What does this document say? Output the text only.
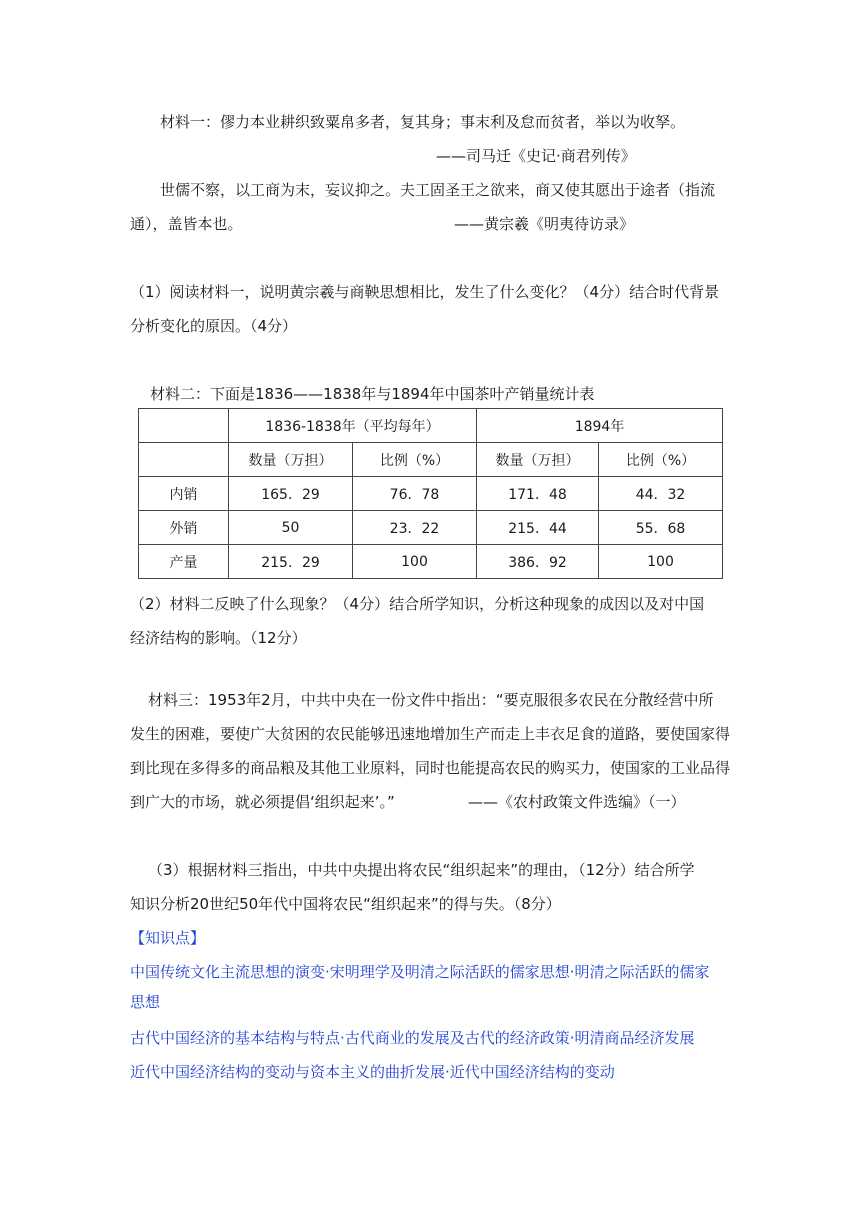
材料一：僇力本业耕织致粟帛多者，复其身；事末利及怠而贫者，举以为收孥。
——司马迁《史记·商君列传》
世儒不察，以工商为末，妄议抑之。夫工固圣王之欲来，商又使其愿出于途者（指流
通），盖皆本也。	——黄宗羲《明夷待访录》
（1）阅读材料一，说明黄宗羲与商鞅思想相比，发生了什么变化？（4分）结合时代背景
分析变化的原因。（4分）
材料二：下面是1836——1838年与1894年中国茶叶产销量统计表
	1836-1838年（平均每年）		1894年	
	数量（万担）	比例（%）	数量（万担）	比例（%）
内销	165．29	76．78	171．48	44．32
外销	50	23．22	215．44	55．68
产量	215．29	100	386．92	100
（2）材料二反映了什么现象？（4分）结合所学知识，分析这种现象的成因以及对中国
经济结构的影响。（12分）
材料三：1953年2月，中共中央在一份文件中指出：“要克服很多农民在分散经营中所
发生的困难，要使广大贫困的农民能够迅速地增加生产而走上丰衣足食的道路，要使国家得
到比现在多得多的商品粮及其他工业原料，同时也能提高农民的购买力，使国家的工业品得
到广大的市场，就必须提倡‘组织起来’。”	——《农村政策文件选编》（一）
（3）根据材料三指出，中共中央提出将农民“组织起来”的理由，（12分）结合所学
知识分析20世纪50年代中国将农民“组织起来”的得与失。（8分）
【知识点】
中国传统文化主流思想的演变·宋明理学及明清之际活跃的儒家思想·明清之际活跃的儒家
思想
古代中国经济的基本结构与特点·古代商业的发展及古代的经济政策·明清商品经济发展
近代中国经济结构的变动与资本主义的曲折发展·近代中国经济结构的变动
